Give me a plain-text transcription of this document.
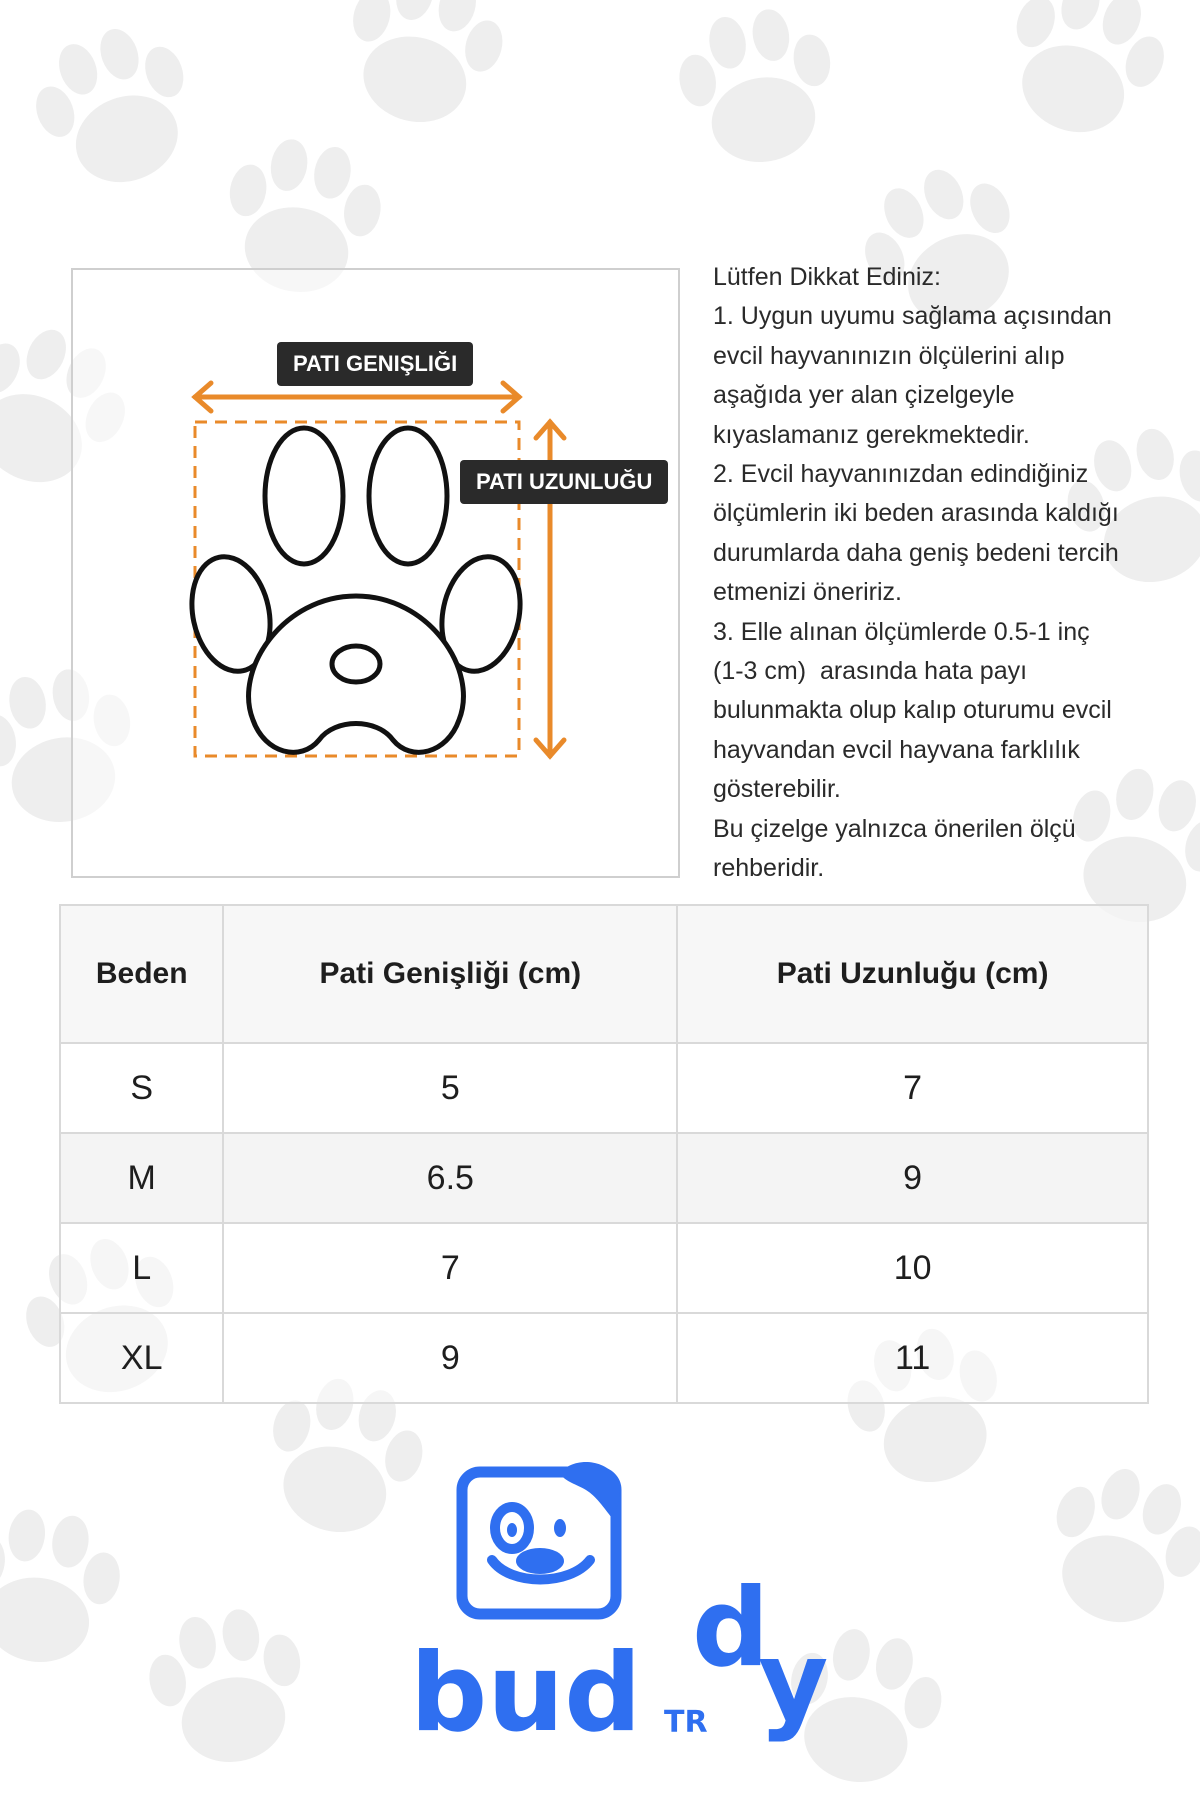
PATI GENIŞLIĞI
PATI UZUNLUĞU
Lütfen Dikkat Ediniz:
1. Uygun uyumu sağlama açısından
evcil hayvanınızın ölçülerini alıp
aşağıda yer alan çizelgeyle
kıyaslamanız gerekmektedir.
2. Evcil hayvanınızdan edindiğiniz
ölçümlerin iki beden arasında kaldığı
durumlarda daha geniş bedeni tercih
etmenizi öneririz.
3. Elle alınan ölçümlerde 0.5-1 inç
(1-3 cm)  arasında hata payı
bulunmakta olup kalıp oturumu evcil
hayvandan evcil hayvana farklılık
gösterebilir.
Bu çizelge yalnızca önerilen ölçü
rehberidir.
Beden	Pati Genişliği (cm)	Pati Uzunluğu (cm)
S	5	7
M	6.5	9
L	7	10
XL	9	11
bud
d
y
TR
